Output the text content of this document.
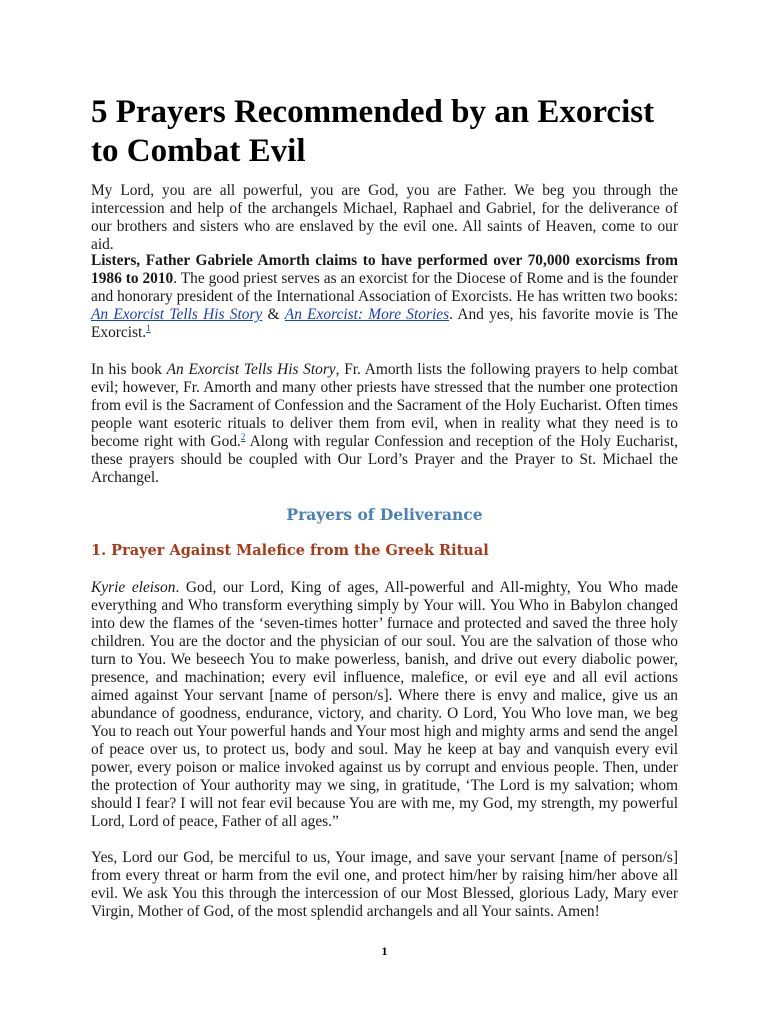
5 Prayers Recommended by an Exorcist to Combat Evil

My Lord, you are all powerful, you are God, you are Father. We beg you through the intercession and help of the archangels Michael, Raphael and Gabriel, for the deliverance of our brothers and sisters who are enslaved by the evil one. All saints of Heaven, come to our aid.

Listers, Father Gabriele Amorth claims to have performed over 70,000 exorcisms from 1986 to 2010. The good priest serves as an exorcist for the Diocese of Rome and is the founder and honorary president of the International Association of Exorcists. He has written two books: An Exorcist Tells His Story & An Exorcist: More Stories. And yes, his favorite movie is The Exorcist.$^1$

In his book An Exorcist Tells His Story, Fr. Amorth lists the following prayers to help combat evil; however, Fr. Amorth and many other priests have stressed that the number one protection from evil is the Sacrament of Confession and the Sacrament of the Holy Eucharist. Often times people want esoteric rituals to deliver them from evil, when in reality what they need is to become right with God.$^2$ Along with regular Confession and reception of the Holy Eucharist, these prayers should be coupled with Our Lord’s Prayer and the Prayer to St. Michael the Archangel.

Prayers of Deliverance
1. Prayer Against Malefice from the Greek Ritual

Kyrie eleison. God, our Lord, King of ages, All-powerful and All-mighty, You Who made everything and Who transform everything simply by Your will. You Who in Babylon changed into dew the flames of the ‘seven-times hotter’ furnace and protected and saved the three holy children. You are the doctor and the physician of our soul. You are the salvation of those who turn to You. We beseech You to make powerless, banish, and drive out every diabolic power, presence, and machination; every evil influence, malefice, or evil eye and all evil actions aimed against Your servant [name of person/s]. Where there is envy and malice, give us an abundance of goodness, endurance, victory, and charity. O Lord, You Who love man, we beg You to reach out Your powerful hands and Your most high and mighty arms and send the angel of peace over us, to protect us, body and soul. May he keep at bay and vanquish every evil power, every poison or malice invoked against us by corrupt and envious people. Then, under the protection of Your authority may we sing, in gratitude, ‘The Lord is my salvation; whom should I fear? I will not fear evil because You are with me, my God, my strength, my powerful Lord, Lord of peace, Father of all ages.”

Yes, Lord our God, be merciful to us, Your image, and save your servant [name of person/s] from every threat or harm from the evil one, and protect him/her by raising him/her above all evil. We ask You this through the intercession of our Most Blessed, glorious Lady, Mary ever Virgin, Mother of God, of the most splendid archangels and all Your saints. Amen!

1
